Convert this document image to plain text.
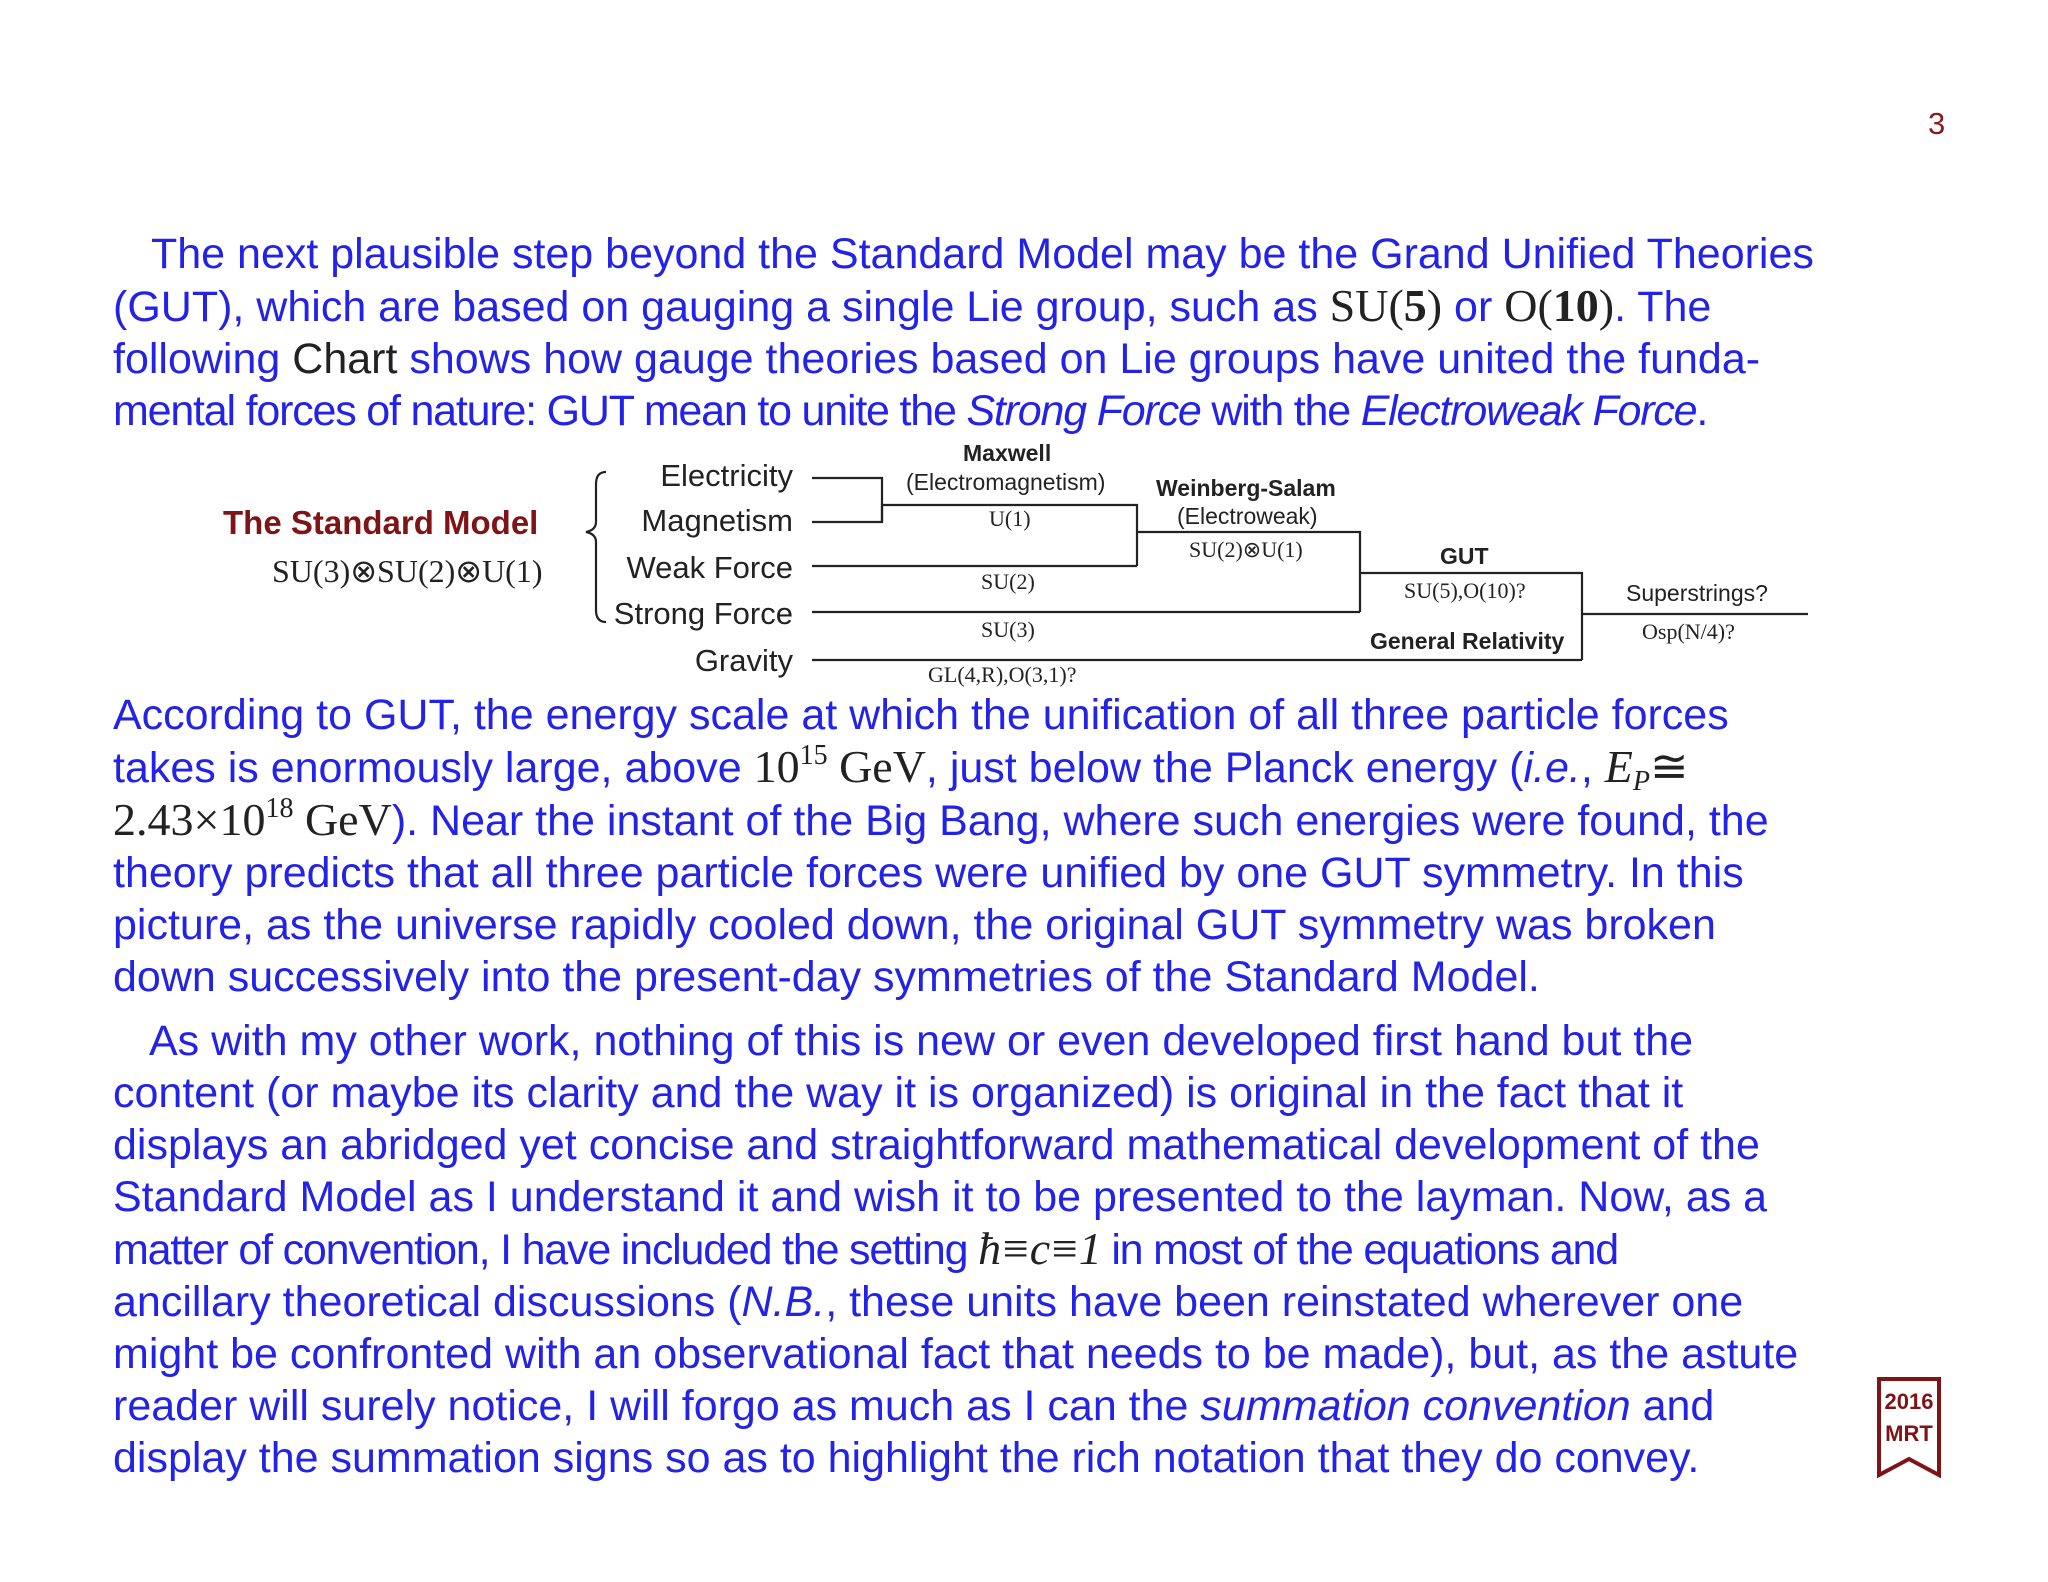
3
The next plausible step beyond the Standard Model may be the Grand Unified Theories
(GUT), which are based on gauging a single Lie group, such as SU(5) or O(10). The
following Chart shows how gauge theories based on Lie groups have united the funda-
mental forces of nature: GUT mean to unite the Strong Force with the Electroweak Force.
The Standard Model
SU(3)⊗SU(2)⊗U(1)
Electricity
Magnetism
Weak Force
Strong Force
Gravity
Maxwell
(Electromagnetism)
U(1)
Weinberg-Salam
(Electroweak)
SU(2)⊗U(1)
SU(2)
SU(3)
GL(4,R),O(3,1)?
GUT
SU(5),O(10)?
General Relativity
Superstrings?
Osp(N/4)?
According to GUT, the energy scale at which the unification of all three particle forces
takes is enormously large, above $10^{15}$ GeV, just below the Planck energy (i.e., $E_P≅$
$2.43\times 10^{18}$ GeV). Near the instant of the Big Bang, where such energies were found, the
theory predicts that all three particle forces were unified by one GUT symmetry. In this
picture, as the universe rapidly cooled down, the original GUT symmetry was broken
down successively into the present-day symmetries of the Standard Model.
As with my other work, nothing of this is new or even developed first hand but the
content (or maybe its clarity and the way it is organized) is original in the fact that it
displays an abridged yet concise and straightforward mathematical development of the
Standard Model as I understand it and wish it to be presented to the layman. Now, as a
matter of convention, I have included the setting ħ≡c≡1 in most of the equations and
ancillary theoretical discussions (N.B., these units have been reinstated wherever one
might be confronted with an observational fact that needs to be made), but, as the astute
reader will surely notice, I will forgo as much as I can the summation convention and
display the summation signs so as to highlight the rich notation that they do convey.
2016
MRT
